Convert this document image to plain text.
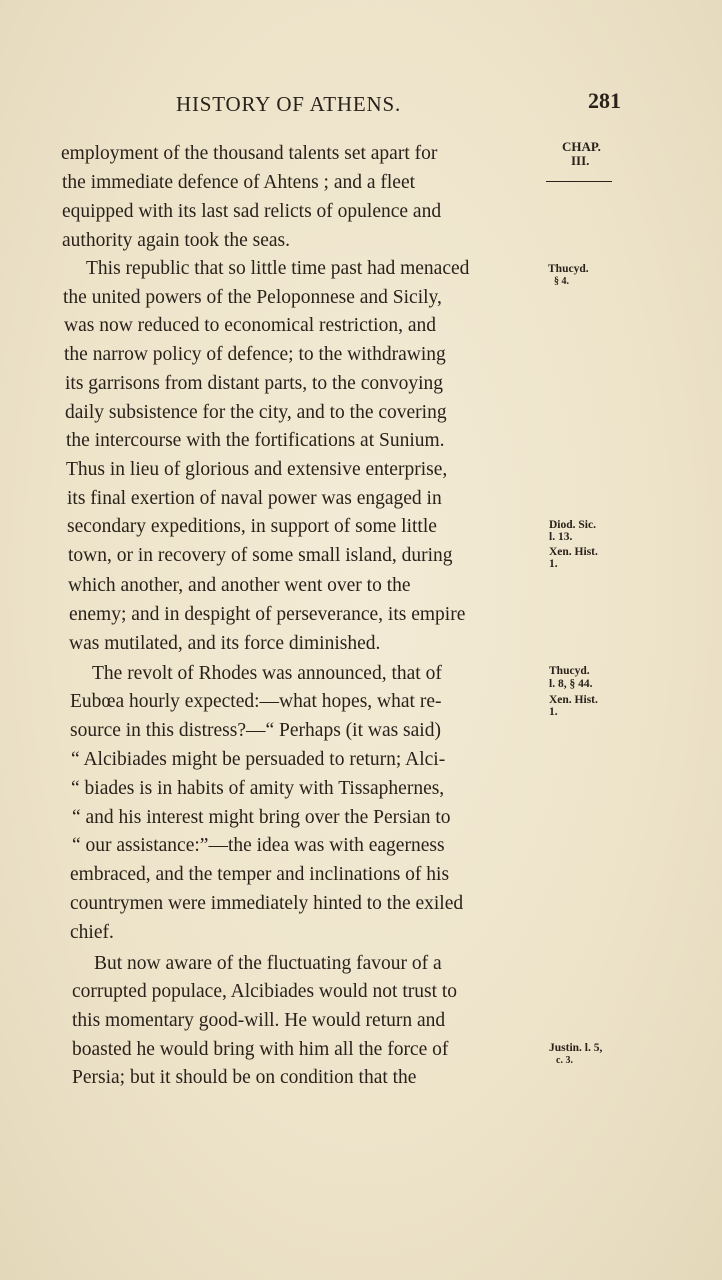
HISTORY OF ATHENS.	281
employment of the thousand talents set apart for
the immediate defence of Ahtens ; and a fleet
equipped with its last sad relicts of opulence and
authority again took the seas.
This republic that so little time past had menaced
the united powers of the Peloponnese and Sicily,
was now reduced to economical restriction, and
the narrow policy of defence; to the withdrawing
its garrisons from distant parts, to the convoying
daily subsistence for the city, and to the covering
the intercourse with the fortifications at Sunium.
Thus in lieu of glorious and extensive enterprise,
its final exertion of naval power was engaged in
secondary expeditions, in support of some little
town, or in recovery of some small island, during
which another, and another went over to the
enemy; and in despight of perseverance, its empire
was mutilated, and its force diminished.
The revolt of Rhodes was announced, that of
Eubœa hourly expected:—what hopes, what re-
source in this distress?—“ Perhaps (it was said)
“ Alcibiades might be persuaded to return; Alci-
“ biades is in habits of amity with Tissaphernes,
“ and his interest might bring over the Persian to
“ our assistance:”—the idea was with eagerness
embraced, and the temper and inclinations of his
countrymen were immediately hinted to the exiled
chief.
But now aware of the fluctuating favour of a
corrupted populace, Alcibiades would not trust to
this momentary good-will. He would return and
boasted he would bring with him all the force of
Persia; but it should be on condition that the
CHAP.
III.
Thucyd.
§ 4.
Diod. Sic.
l. 13.
Xen. Hist.
1.
Thucyd.
l. 8, § 44.
Xen. Hist.
1.
Justin. l. 5,
c. 3.
